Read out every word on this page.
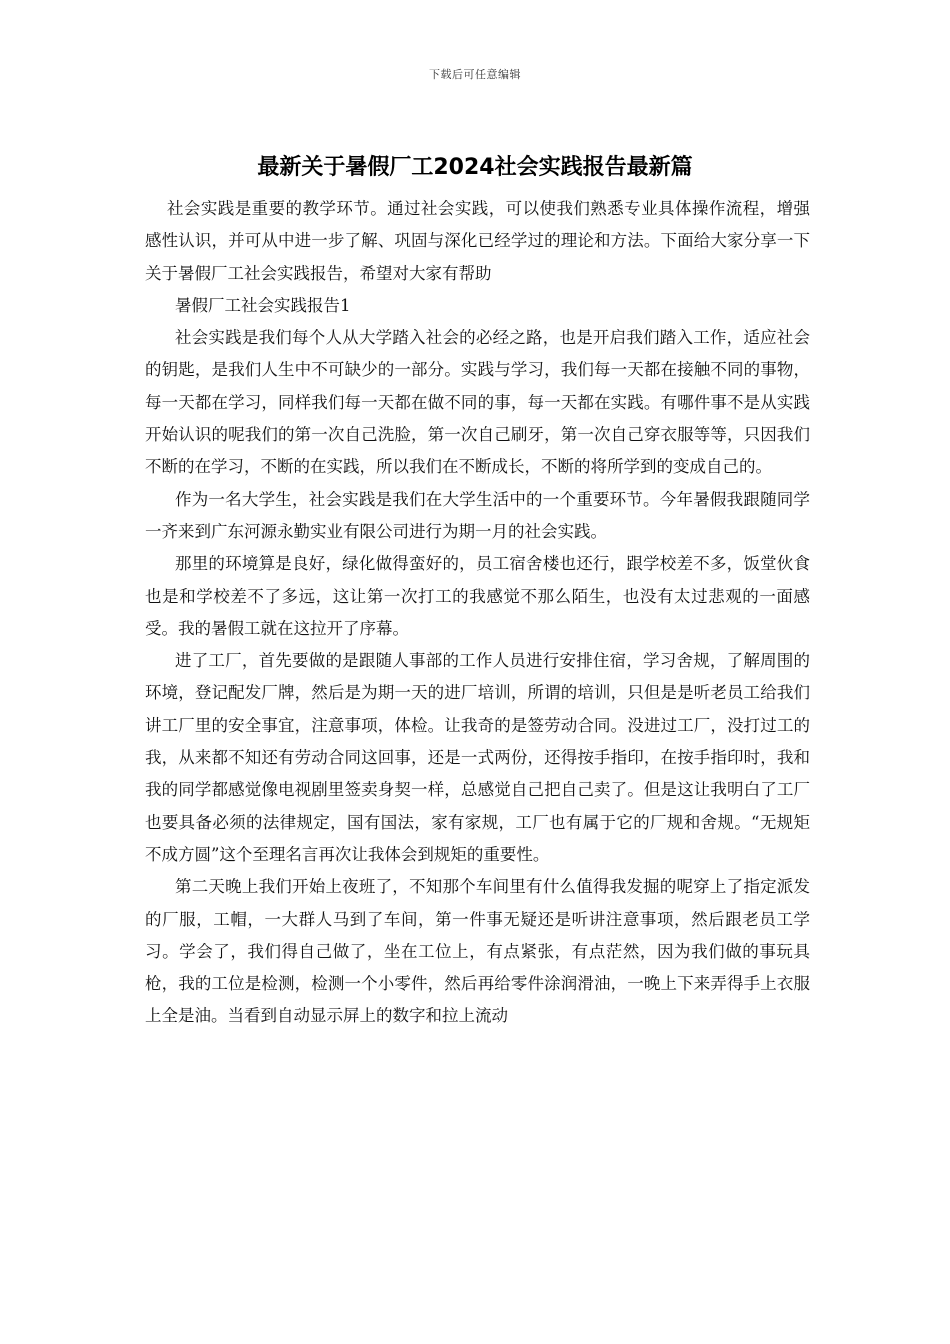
下载后可任意编辑
最新关于暑假厂工2024社会实践报告最新篇

社会实践是重要的教学环节。通过社会实践，可以使我们熟悉专业具体操作流程，增强感性认识，并可从中进一步了解、巩固与深化已经学过的理论和方法。下面给大家分享一下关于暑假厂工社会实践报告，希望对大家有帮助

暑假厂工社会实践报告1

社会实践是我们每个人从大学踏入社会的必经之路，也是开启我们踏入工作，适应社会的钥匙，是我们人生中不可缺少的一部分。实践与学习，我们每一天都在接触不同的事物，每一天都在学习，同样我们每一天都在做不同的事，每一天都在实践。有哪件事不是从实践开始认识的呢我们的第一次自己洗脸，第一次自己刷牙，第一次自己穿衣服等等，只因我们不断的在学习，不断的在实践，所以我们在不断成长，不断的将所学到的变成自己的。

作为一名大学生，社会实践是我们在大学生活中的一个重要环节。今年暑假我跟随同学一齐来到广东河源永勤实业有限公司进行为期一月的社会实践。

那里的环境算是良好，绿化做得蛮好的，员工宿舍楼也还行，跟学校差不多，饭堂伙食也是和学校差不了多远，这让第一次打工的我感觉不那么陌生，也没有太过悲观的一面感受。我的暑假工就在这拉开了序幕。

进了工厂，首先要做的是跟随人事部的工作人员进行安排住宿，学习舍规，了解周围的环境，登记配发厂牌，然后是为期一天的进厂培训，所谓的培训，只但是是听老员工给我们讲工厂里的安全事宜，注意事项，体检。让我奇的是签劳动合同。没进过工厂，没打过工的我，从来都不知还有劳动合同这回事，还是一式两份，还得按手指印，在按手指印时，我和我的同学都感觉像电视剧里签卖身契一样，总感觉自己把自己卖了。但是这让我明白了工厂也要具备必须的法律规定，国有国法，家有家规，工厂也有属于它的厂规和舍规。“无规矩不成方圆”这个至理名言再次让我体会到规矩的重要性。

第二天晚上我们开始上夜班了，不知那个车间里有什么值得我发掘的呢穿上了指定派发的厂服，工帽，一大群人马到了车间，第一件事无疑还是听讲注意事项，然后跟老员工学习。学会了，我们得自己做了，坐在工位上，有点紧张，有点茫然，因为我们做的事玩具枪，我的工位是检测，检测一个小零件，然后再给零件涂润滑油，一晚上下来弄得手上衣服上全是油。当看到自动显示屏上的数字和拉上流动
